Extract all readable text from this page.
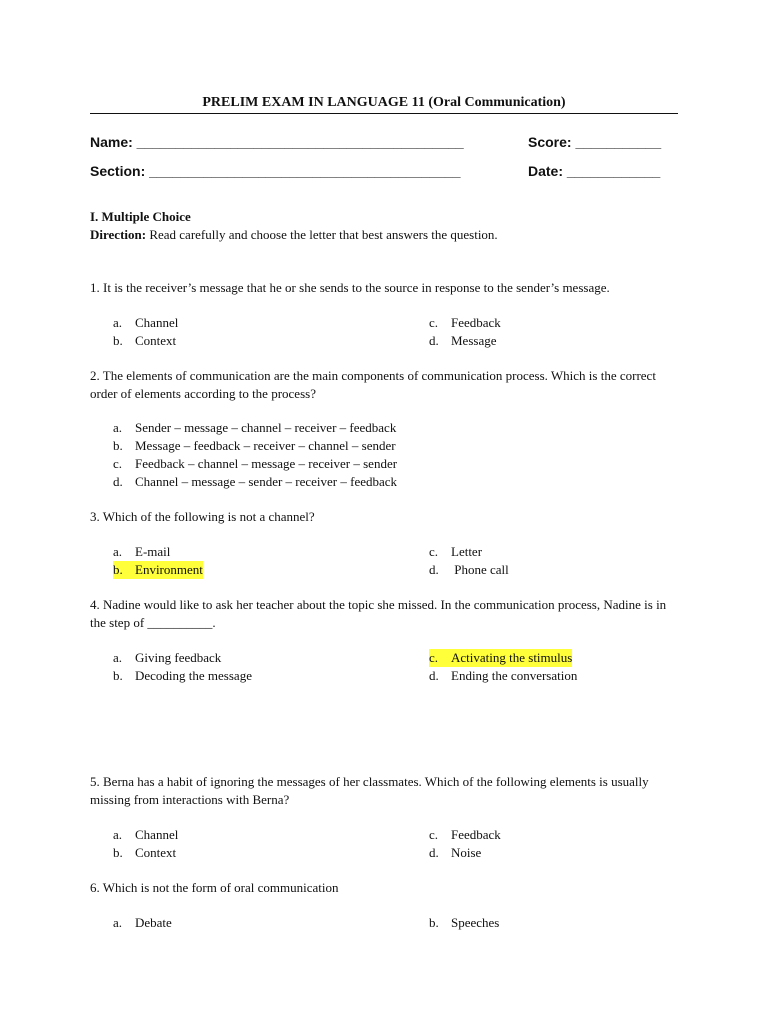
PRELIM EXAM IN LANGUAGE 11 (Oral Communication)
Name: __________________________________________	Score: ___________
Section: ________________________________________	Date: ____________
I. Multiple Choice
Direction: Read carefully and choose the letter that best answers the question.
1. It is the receiver’s message that he or she sends to the source in response to the sender’s message.
a. Channel
b. Context
c. Feedback
d. Message
2. The elements of communication are the main components of communication process. Which is the correct order of elements according to the process?
a. Sender – message – channel – receiver – feedback
b. Message – feedback – receiver – channel – sender
c. Feedback – channel – message – receiver – sender
d. Channel – message – sender – receiver – feedback
3. Which of the following is not a channel?
a. E-mail
b. Environment
c. Letter
d. Phone call
4. Nadine would like to ask her teacher about the topic she missed. In the communication process, Nadine is in the step of __________.
a. Giving feedback
b. Decoding the message
c. Activating the stimulus
d. Ending the conversation
5. Berna has a habit of ignoring the messages of her classmates. Which of the following elements is usually missing from interactions with Berna?
a. Channel
b. Context
c. Feedback
d. Noise
6. Which is not the form of oral communication
a. Debate	b. Speeches
